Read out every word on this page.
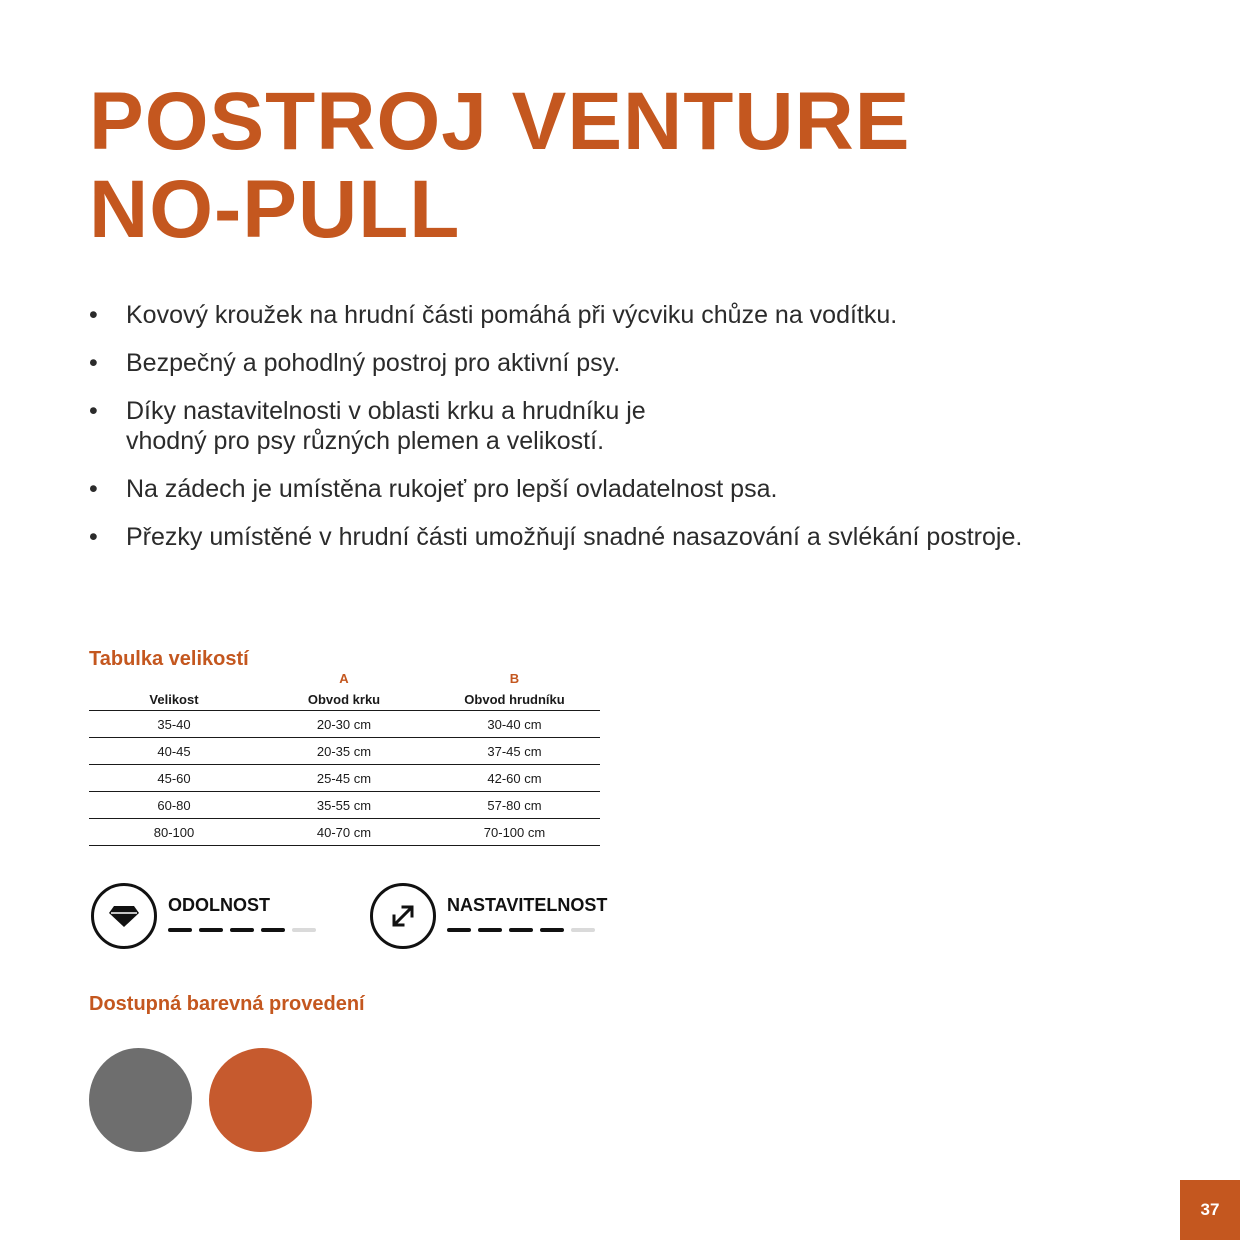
POSTROJ VENTURE
NO-PULL
• Kovový kroužek na hrudní části pomáhá při výcviku chůze na vodítku.
• Bezpečný a pohodlný postroj pro aktivní psy.
• Díky nastavitelnosti v oblasti krku a hrudníku je
vhodný pro psy různých plemen a velikostí.
• Na zádech je umístěna rukojeť pro lepší ovladatelnost psa.
• Přezky umístěné v hrudní části umožňují snadné nasazování a svlékání postroje.
Tabulka velikostí
	A	B
Velikost	Obvod krku	Obvod hrudníku
35-40	20-30 cm	30-40 cm
40-45	20-35 cm	37-45 cm
45-60	25-45 cm	42-60 cm
60-80	35-55 cm	57-80 cm
80-100	40-70 cm	70-100 cm
ODOLNOST	NASTAVITELNOST
Dostupná barevná provedení
37
